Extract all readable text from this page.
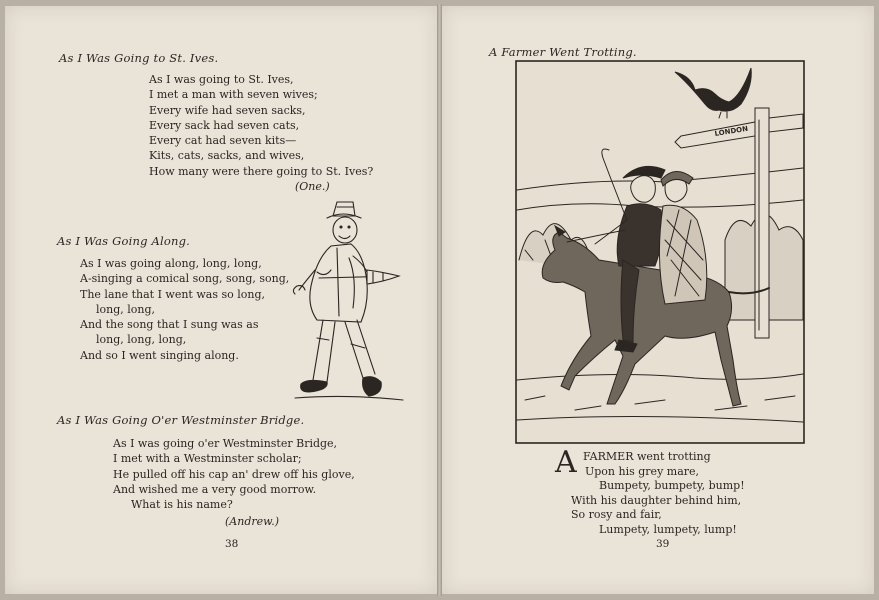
As I Was Going to St. Ives.
As I was going to St. Ives,
I met a man with seven wives;
Every wife had seven sacks,
Every sack had seven cats,
Every cat had seven kits—
Kits, cats, sacks, and wives,
How many were there going to St. Ives?
(One.)
As I Was Going Along.
As I was going along, long, long,
A-singing a comical song, song, song,
The lane that I went was so long,
long, long,
And the song that I sung was as
long, long, long,
And so I went singing along.
As I Was Going O'er Westminster Bridge.
As I was going o'er Westminster Bridge,
I met with a Westminster scholar;
He pulled off his cap an' drew off his glove,
And wished me a very good morrow.
What is his name?
(Andrew.)
38
A Farmer Went Trotting.
LONDON
A FARMER went trotting
Upon his grey mare,
Bumpety, bumpety, bump!
With his daughter behind him,
So rosy and fair,
Lumpety, lumpety, lump!
39
